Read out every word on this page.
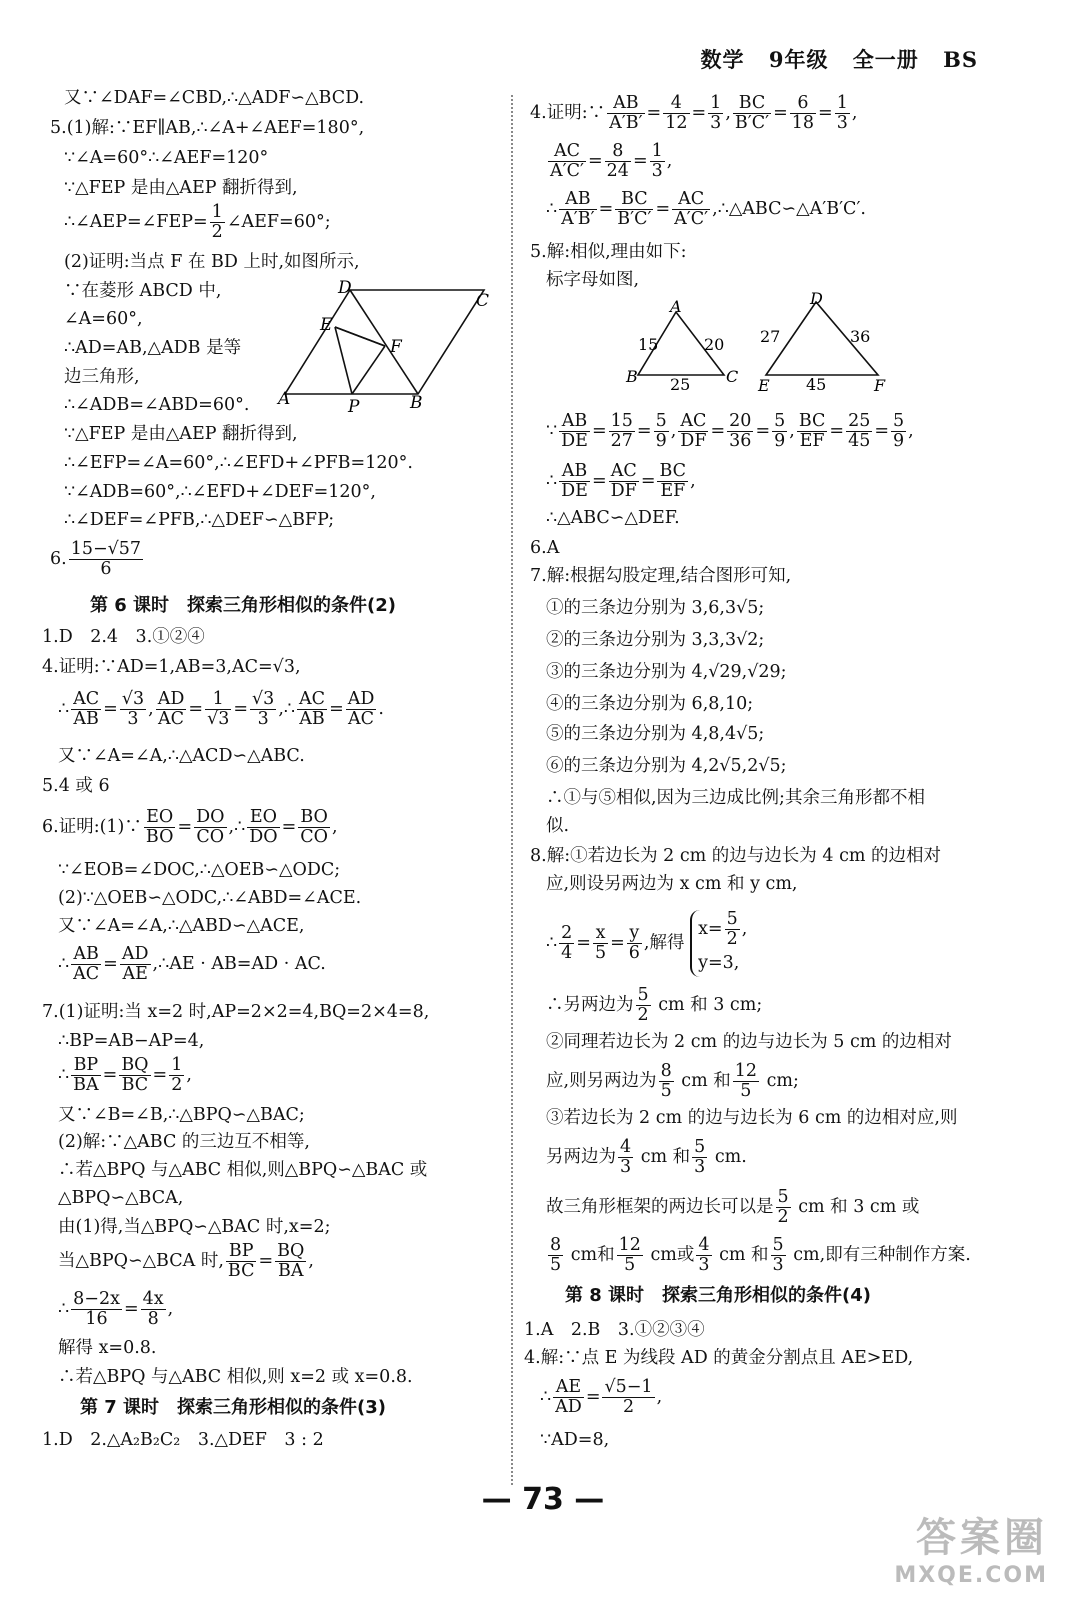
数学 9年级 全一册 BS
又∵∠DAF=∠CBD,∴△ADF∽△BCD.
5.(1)解:∵EF∥AB,∴∠A+∠AEF=180°,
∵∠A=60°∴∠AEF=120°
∵△FEP 是由△AEP 翻折得到,
∴∠AEP=∠FEP= $\frac{1}{2}$ ∠AEF=60°;
(2)证明:当点 F 在 BD 上时,如图所示,
∵在菱形 ABCD 中,
∠A=60°,
∴AD=AB,△ADB 是等
边三角形,
∴∠ADB=∠ABD=60°.
∵△FEP 是由△AEP 翻折得到,
∴∠EFP=∠A=60°,∴∠EFD+∠PFB=120°.
∵∠ADB=60°,∴∠EFD+∠DEF=120°,
∴∠DEF=∠PFB,∴△DEF∽△BFP;
6. $\frac{15-√57}{6}$
D
C
E
F
A	P	B
第 6 课时　探索三角形相似的条件(2)
1.D　2.4　3.①②④
4.证明:∵AD=1,AB=3,AC=√3,
∴ $\frac{AC}{AB} = \frac{√3}{3}$ , $\frac{AD}{AC} = \frac{1}{√3} = \frac{√3}{3}$ ,∴ $\frac{AC}{AB} = \frac{AD}{AC}$ .
又∵∠A=∠A,∴△ACD∽△ABC.
5.4 或 6
6.证明:(1)∵ $\frac{EO}{BO} = \frac{DO}{CO}$ ,∴ $\frac{EO}{DO} = \frac{BO}{CO}$ ,
∵∠EOB=∠DOC,∴△OEB∽△ODC;
(2)∵△OEB∽△ODC,∴∠ABD=∠ACE.
又∵∠A=∠A,∴△ABD∽△ACE,
∴ $\frac{AB}{AC} = \frac{AD}{AE}$ ,∴AE · AB=AD · AC.
7.(1)证明:当 x=2 时,AP=2×2=4,BQ=2×4=8,
∴BP=AB−AP=4,
∴ $\frac{BP}{BA} = \frac{BQ}{BC} = \frac{1}{2}$ ,
又∵∠B=∠B,∴△BPQ∽△BAC;
(2)解:∵△ABC 的三边互不相等,
∴若△BPQ 与△ABC 相似,则△BPQ∽△BAC 或
△BPQ∽△BCA,
由(1)得,当△BPQ∽△BAC 时,x=2;
当△BPQ∽△BCA 时, $\frac{BP}{BC} = \frac{BQ}{BA}$ ,
∴ $\frac{8-2x}{16} = \frac{4x}{8}$ ,
解得 x=0.8.
∴若△BPQ 与△ABC 相似,则 x=2 或 x=0.8.
第 7 课时　探索三角形相似的条件(3)
1.D　2.△A₂B₂C₂　3.△DEF　3 : 2
4.证明:∵ $\frac{AB}{A'B'} = \frac{4}{12} = \frac{1}{3}$ , $\frac{BC}{B'C'} = \frac{6}{18} = \frac{1}{3}$ ,
$\frac{AC}{A'C'} = \frac{8}{24} = \frac{1}{3}$ ,
∴ $\frac{AB}{A'B'} = \frac{BC}{B'C'} = \frac{AC}{A'C'}$ ,∴△ABC∽△A′B′C′.
5.解:相似,理由如下:
标字母如图,
A
B	C
D
E	F
15	20
25
27	36
45
∵ $\frac{AB}{DE} = \frac{15}{27} = \frac{5}{9}$ , $\frac{AC}{DF} = \frac{20}{36} = \frac{5}{9}$ , $\frac{BC}{EF} = \frac{25}{45} = \frac{5}{9}$ ,
∴ $\frac{AB}{DE} = \frac{AC}{DF} = \frac{BC}{EF}$ ,
∴△ABC∽△DEF.
6.A
7.解:根据勾股定理,结合图形可知,
①的三条边分别为 3,6,3√5;
②的三条边分别为 3,3,3√2;
③的三条边分别为 4,√29,√29;
④的三条边分别为 6,8,10;
⑤的三条边分别为 4,8,4√5;
⑥的三条边分别为 4,2√5,2√5;
∴①与⑤相似,因为三边成比例;其余三角形都不相
似.
8.解:①若边长为 2 cm 的边与边长为 4 cm 的边相对
应,则设另两边为 x cm 和 y cm,
∴ $\frac{2}{4} = \frac{x}{5} = \frac{y}{6}$ ,解得
$x= \frac{5}{2}$ ,
y=3,
∴另两边为 $\frac{5}{2}$ cm 和 3 cm;
②同理若边长为 2 cm 的边与边长为 5 cm 的边相对
应,则另两边为 $\frac{8}{5}$ cm 和 $\frac{12}{5}$ cm;
③若边长为 2 cm 的边与边长为 6 cm 的边相对应,则
另两边为 $\frac{4}{3}$ cm 和 $\frac{5}{3}$ cm.
故三角形框架的两边长可以是 $\frac{5}{2}$ cm 和 3 cm 或
$\frac{8}{5}$ cm和 $\frac{12}{5}$ cm或 $\frac{4}{3}$ cm 和 $\frac{5}{3}$ cm,即有三种制作方案.
第 8 课时　探索三角形相似的条件(4)
1.A　2.B　3.①②③④
4.解:∵点 E 为线段 AD 的黄金分割点且 AE>ED,
∴ $\frac{AE}{AD} = \frac{√5-1}{2}$ ,
∵AD=8,
— 73 —
答案圈
MXQE.COM
